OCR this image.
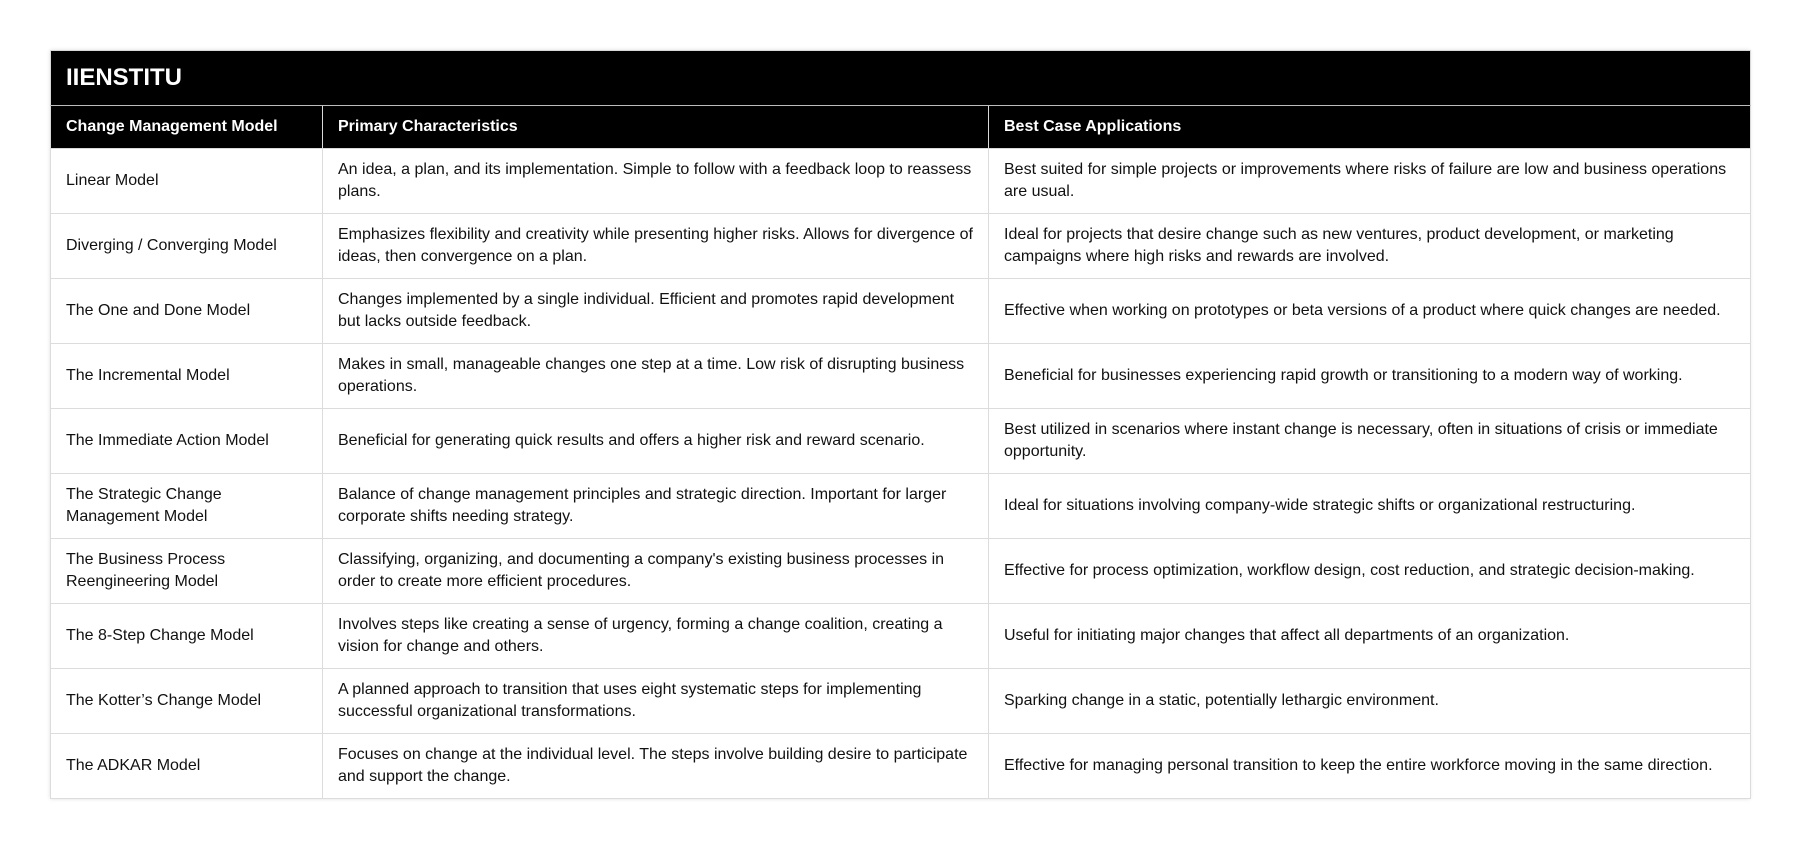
IIENSTITU		
Change Management Model	Primary Characteristics	Best Case Applications
Linear Model	An idea, a plan, and its implementation. Simple to follow with a feedback loop to reassess plans.	Best suited for simple projects or improvements where risks of failure are low and business operations are usual.
Diverging / Converging Model	Emphasizes flexibility and creativity while presenting higher risks. Allows for divergence of ideas, then convergence on a plan.	Ideal for projects that desire change such as new ventures, product development, or marketing campaigns where high risks and rewards are involved.
The One and Done Model	Changes implemented by a single individual. Efficient and promotes rapid development but lacks outside feedback.	Effective when working on prototypes or beta versions of a product where quick changes are needed.
The Incremental Model	Makes in small, manageable changes one step at a time. Low risk of disrupting business operations.	Beneficial for businesses experiencing rapid growth or transitioning to a modern way of working.
The Immediate Action Model	Beneficial for generating quick results and offers a higher risk and reward scenario.	Best utilized in scenarios where instant change is necessary, often in situations of crisis or immediate opportunity.
The Strategic Change Management Model	Balance of change management principles and strategic direction. Important for larger corporate shifts needing strategy.	Ideal for situations involving company-wide strategic shifts or organizational restructuring.
The Business Process Reengineering Model	Classifying, organizing, and documenting a company's existing business processes in order to create more efficient procedures.	Effective for process optimization, workflow design, cost reduction, and strategic decision-making.
The 8-Step Change Model	Involves steps like creating a sense of urgency, forming a change coalition, creating a vision for change and others.	Useful for initiating major changes that affect all departments of an organization.
The Kotter’s Change Model	A planned approach to transition that uses eight systematic steps for implementing successful organizational transformations.	Sparking change in a static, potentially lethargic environment.
The ADKAR Model	Focuses on change at the individual level. The steps involve building desire to participate and support the change.	Effective for managing personal transition to keep the entire workforce moving in the same direction.
